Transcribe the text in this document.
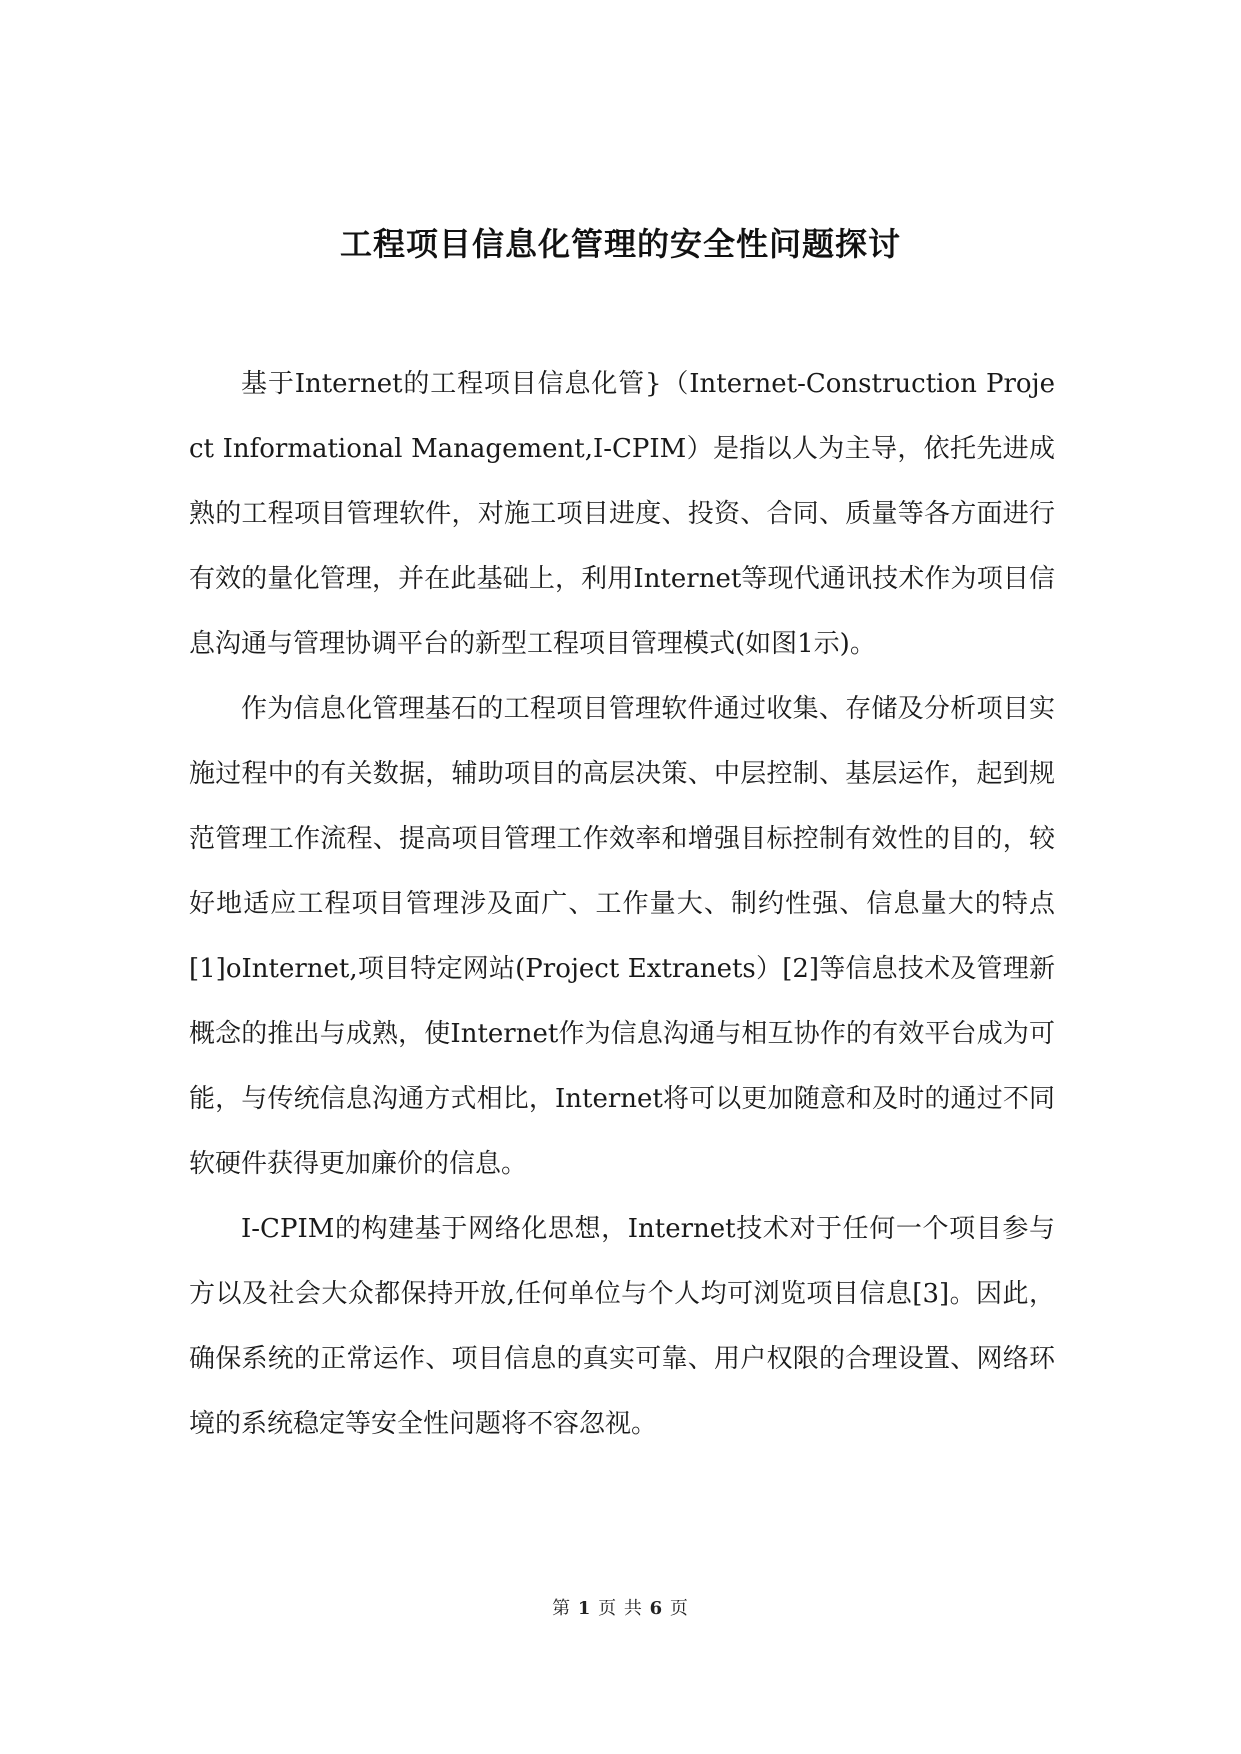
工程项目信息化管理的安全性问题探讨

基于Internet的工程项目信息化管}（Internet-Construction Project Informational Management,I-CPIM）是指以人为主导，依托先进成熟的工程项目管理软件，对施工项目进度、投资、合同、质量等各方面进行有效的量化管理，并在此基础上，利用Internet等现代通讯技术作为项目信息沟通与管理协调平台的新型工程项目管理模式(如图1示)。

作为信息化管理基石的工程项目管理软件通过收集、存储及分析项目实施过程中的有关数据，辅助项目的高层决策、中层控制、基层运作，起到规范管理工作流程、提高项目管理工作效率和增强目标控制有效性的目的，较好地适应工程项目管理涉及面广、工作量大、制约性强、信息量大的特点[1]oInternet,项目特定网站(Project Extranets）[2]等信息技术及管理新概念的推出与成熟，使Internet作为信息沟通与相互协作的有效平台成为可能，与传统信息沟通方式相比，Internet将可以更加随意和及时的通过不同软硬件获得更加廉价的信息。

I-CPIM的构建基于网络化思想，Internet技术对于任何一个项目参与方以及社会大众都保持开放,任何单位与个人均可浏览项目信息[3]。因此，确保系统的正常运作、项目信息的真实可靠、用户权限的合理设置、网络环境的系统稳定等安全性问题将不容忽视。

第 1 页 共 6 页
